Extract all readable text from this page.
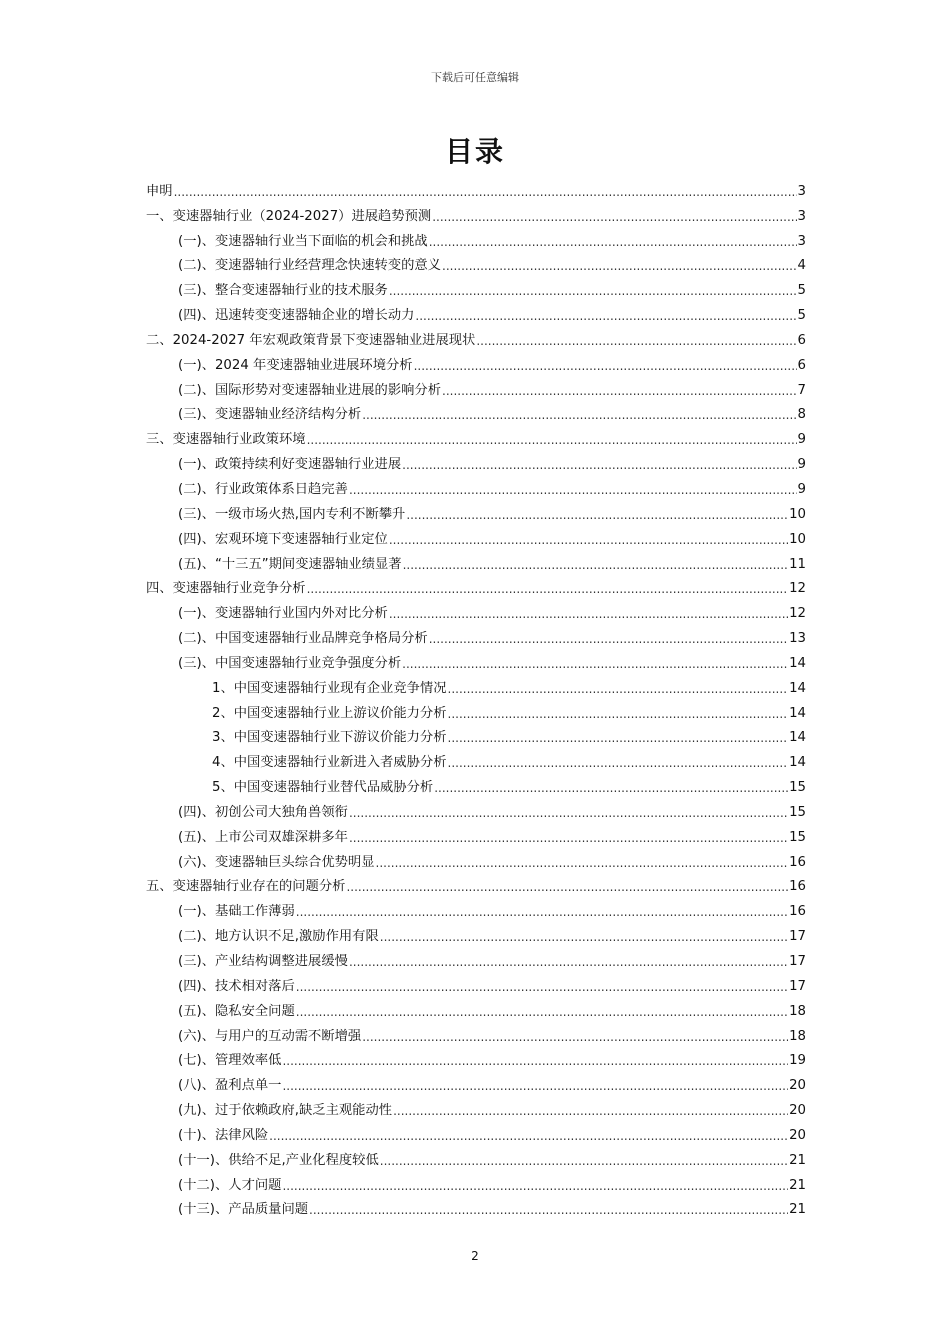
下载后可任意编辑
目录
申明 .....	3
一、变速器轴行业（2024-2027）进展趋势预测 .....	3
(一)、变速器轴行业当下面临的机会和挑战 .....	3
(二)、变速器轴行业经营理念快速转变的意义 .....	4
(三)、整合变速器轴行业的技术服务 .....	5
(四)、迅速转变变速器轴企业的增长动力 .....	5
二、2024-2027 年宏观政策背景下变速器轴业进展现状 .....	6
(一)、2024 年变速器轴业进展环境分析 .....	6
(二)、国际形势对变速器轴业进展的影响分析 .....	7
(三)、变速器轴业经济结构分析 .....	8
三、变速器轴行业政策环境 .....	9
(一)、政策持续利好变速器轴行业进展 .....	9
(二)、行业政策体系日趋完善 .....	9
(三)、一级市场火热,国内专利不断攀升 .....	10
(四)、宏观环境下变速器轴行业定位 .....	10
(五)、“十三五”期间变速器轴业绩显著 .....	11
四、变速器轴行业竞争分析 .....	12
(一)、变速器轴行业国内外对比分析 .....	12
(二)、中国变速器轴行业品牌竞争格局分析 .....	13
(三)、中国变速器轴行业竞争强度分析 .....	14
1、中国变速器轴行业现有企业竞争情况 .....	14
2、中国变速器轴行业上游议价能力分析 .....	14
3、中国变速器轴行业下游议价能力分析 .....	14
4、中国变速器轴行业新进入者威胁分析 .....	14
5、中国变速器轴行业替代品威胁分析 .....	15
(四)、初创公司大独角兽领衔 .....	15
(五)、上市公司双雄深耕多年 .....	15
(六)、变速器轴巨头综合优势明显 .....	16
五、变速器轴行业存在的问题分析 .....	16
(一)、基础工作薄弱 .....	16
(二)、地方认识不足,激励作用有限 .....	17
(三)、产业结构调整进展缓慢 .....	17
(四)、技术相对落后 .....	17
(五)、隐私安全问题 .....	18
(六)、与用户的互动需不断增强 .....	18
(七)、管理效率低 .....	19
(八)、盈利点单一 .....	20
(九)、过于依赖政府,缺乏主观能动性 .....	20
(十)、法律风险 .....	20
(十一)、供给不足,产业化程度较低 .....	21
(十二)、人才问题 .....	21
(十三)、产品质量问题 .....	21
2
